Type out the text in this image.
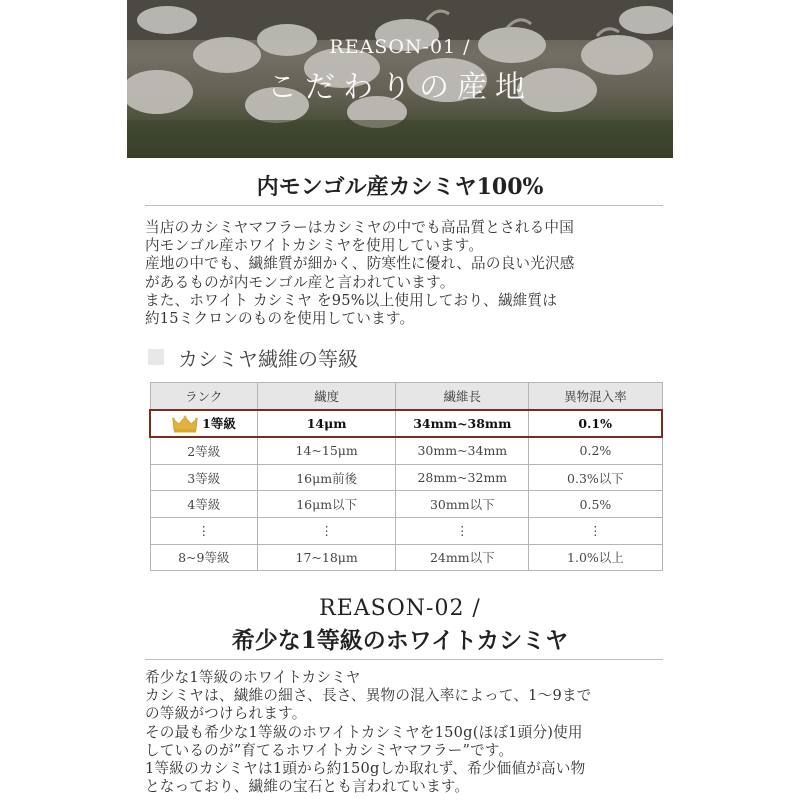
REASON-01 /
こだわりの産地
内モンゴル産カシミヤ100%
当店のカシミヤマフラーはカシミヤの中でも高品質とされる中国
内モンゴル産ホワイトカシミヤを使用しています。
産地の中でも、繊維質が細かく、防寒性に優れ、品の良い光沢感
があるものが内モンゴル産と言われています。
また、ホワイト カシミヤ を95%以上使用しており、繊維質は
約15ミクロンのものを使用しています。
カシミヤ繊維の等級
ランク	繊度	繊維長	異物混入率
1等級	14μm	34mm~38mm	0.1%
2等級	14~15μm	30mm~34mm	0.2%
3等級	16μm前後	28mm~32mm	0.3%以下
4等級	16μm以下	30mm以下	0.5%
⋮	⋮	⋮	⋮
8~9等級	17~18μm	24mm以下	1.0%以上
REASON-02 /
希少な1等級のホワイトカシミヤ
希少な1等級のホワイトカシミヤ
カシミヤは、繊維の細さ、長さ、異物の混入率によって、1～9まで
の等級がつけられます。
その最も希少な1等級のホワイトカシミヤを150g(ほぼ1頭分)使用
しているのが”育てるホワイトカシミヤマフラー”です。
1等級のカシミヤは1頭から約150gしか取れず、希少価値が高い物
となっており、繊維の宝石とも言われています。
